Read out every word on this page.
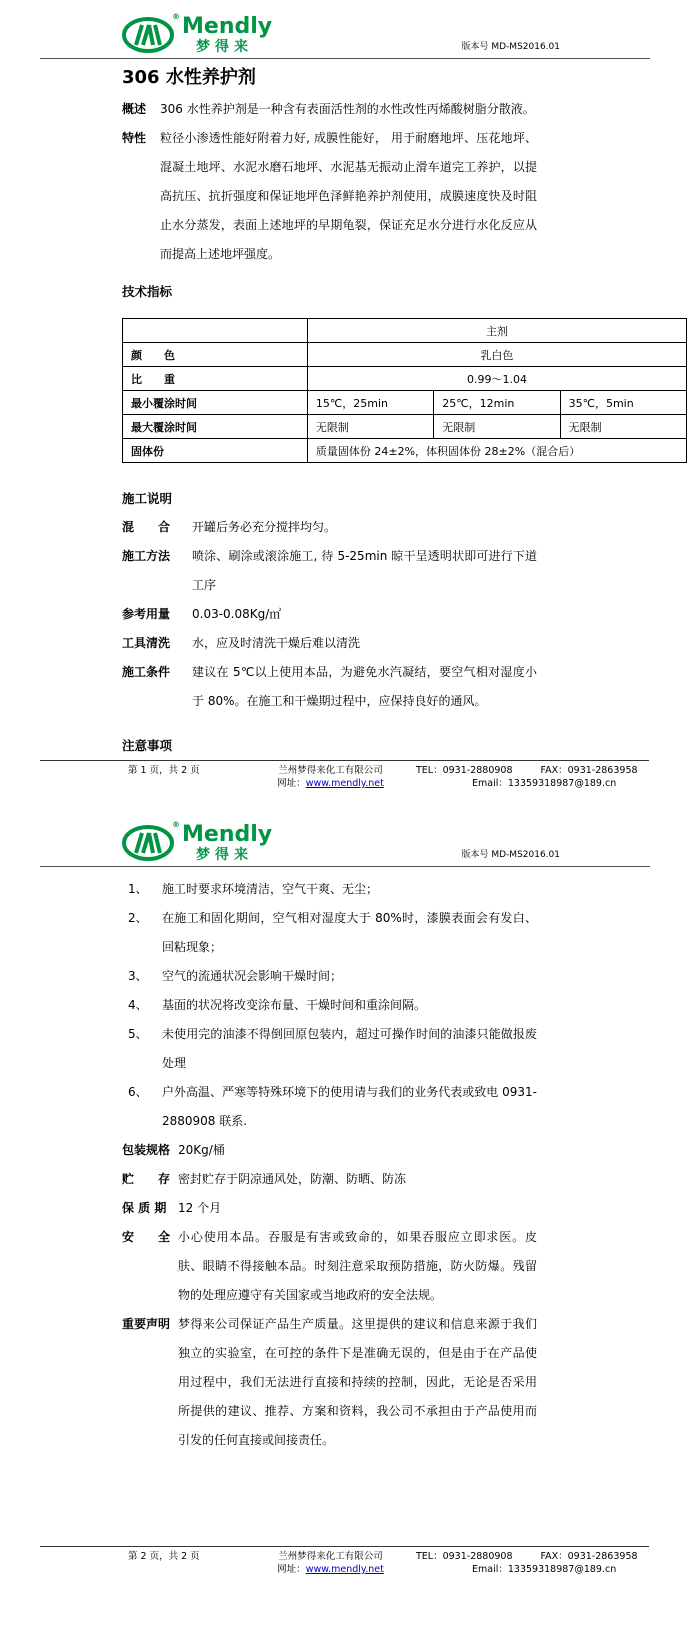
® Mendly
梦得来	版本号 MD-MS2016.01
306 水性养护剂
概述	306 水性养护剂是一种含有表面活性剂的水性改性丙烯酸树脂分散液。
特性	粒径小渗透性能好附着力好, 成膜性能好， 用于耐磨地坪、压花地坪、混凝土地坪、水泥水磨石地坪、水泥基无振动止滑车道完工养护，以提高抗压、抗折强度和保证地坪色泽鲜艳养护剂使用，成膜速度快及时阻止水分蒸发，表面上述地坪的早期龟裂，保证充足水分进行水化反应从而提高上述地坪强度。
技术指标
	主剂		
颜　　色	乳白色		
比　　重	0.99～1.04		
最小覆涂时间	15℃，25min	25℃，12min	35℃，5min
最大覆涂时间	无限制	无限制	无限制
固体份	质量固体份 24±2%，体积固体份 28±2%（混合后）		
施工说明
混　　合	开罐后务必充分搅拌均匀。
施工方法	喷涂、刷涂或滚涂施工, 待 5-25min 晾干呈透明状即可进行下道工序
参考用量	0.03-0.08Kg/㎡
工具清洗	水，应及时清洗干燥后难以清洗
施工条件	建议在 5℃以上使用本品，为避免水汽凝结，要空气相对湿度小于 80%。在施工和干燥期过程中，应保持良好的通风。
注意事项
第 1 页，共 2 页	兰州梦得来化工有限公司	TEL：0931-2880908	FAX：0931-2863958
网址：www.mendly.net	Email：13359318987@189.cn
® Mendly
梦得来	版本号 MD-MS2016.01
1、	施工时要求环境清洁，空气干爽、无尘；
2、	在施工和固化期间，空气相对湿度大于 80%时，漆膜表面会有发白、回粘现象；
3、	空气的流通状况会影响干燥时间；
4、	基面的状况将改变涂布量、干燥时间和重涂间隔。
5、	未使用完的油漆不得倒回原包装内，超过可操作时间的油漆只能做报废处理
6、	户外高温、严寒等特殊环境下的使用请与我们的业务代表或致电 0931-2880908 联系.
包装规格 20Kg/桶
贮　　存 密封贮存于阴凉通风处，防潮、防晒、防冻
保 质 期 12 个月
安　　全 小心使用本品。吞服是有害或致命的，如果吞服应立即求医。皮肤、眼睛不得接触本品。时刻注意采取预防措施，防火防爆。残留物的处理应遵守有关国家或当地政府的安全法规。
重要声明 梦得来公司保证产品生产质量。这里提供的建议和信息来源于我们独立的实验室，在可控的条件下是准确无误的，但是由于在产品使用过程中，我们无法进行直接和持续的控制，因此，无论是否采用所提供的建议、推荐、方案和资料，我公司不承担由于产品使用而引发的任何直接或间接责任。
第 2 页，共 2 页	兰州梦得来化工有限公司	TEL：0931-2880908	FAX：0931-2863958
网址：www.mendly.net	Email：13359318987@189.cn
